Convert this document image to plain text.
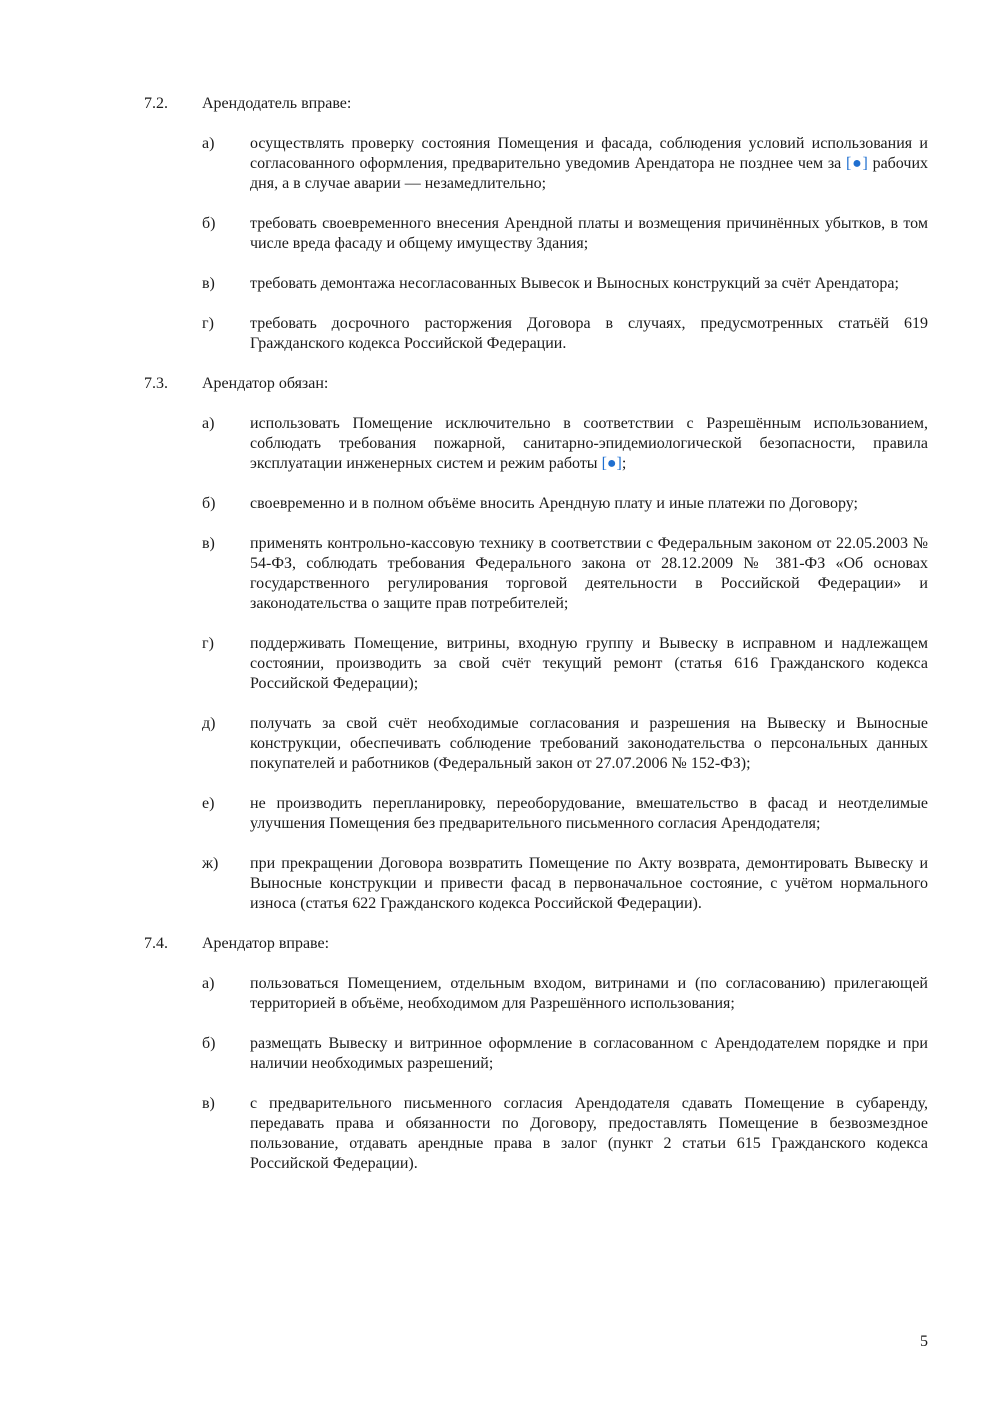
7.2.	Арендодатель вправе:
а)	осуществлять проверку состояния Помещения и фасада, соблюдения условий использования и согласованного оформления, предварительно уведомив Арендатора не позднее чем за [●] рабочих дня, а в случае аварии — незамедлительно;
б)	требовать своевременного внесения Арендной платы и возмещения причинённых убытков, в том числе вреда фасаду и общему имуществу Здания;
в)	требовать демонтажа несогласованных Вывесок и Выносных конструкций за счёт Арендатора;
г)	требовать досрочного расторжения Договора в случаях, предусмотренных статьёй 619 Гражданского кодекса Российской Федерации.
7.3.	Арендатор обязан:
а)	использовать Помещение исключительно в соответствии с Разрешённым использованием, соблюдать требования пожарной, санитарно-эпидемиологической безопасности, правила эксплуатации инженерных систем и режим работы [●];
б)	своевременно и в полном объёме вносить Арендную плату и иные платежи по Договору;
в)	применять контрольно-кассовую технику в соответствии с Федеральным законом от 22.05.2003 № 54-ФЗ, соблюдать требования Федерального закона от 28.12.2009 № 381-ФЗ «Об основах государственного регулирования торговой деятельности в Российской Федерации» и законодательства о защите прав потребителей;
г)	поддерживать Помещение, витрины, входную группу и Вывеску в исправном и надлежащем состоянии, производить за свой счёт текущий ремонт (статья 616 Гражданского кодекса Российской Федерации);
д)	получать за свой счёт необходимые согласования и разрешения на Вывеску и Выносные конструкции, обеспечивать соблюдение требований законодательства о персональных данных покупателей и работников (Федеральный закон от 27.07.2006 № 152-ФЗ);
е)	не производить перепланировку, переоборудование, вмешательство в фасад и неотделимые улучшения Помещения без предварительного письменного согласия Арендодателя;
ж)	при прекращении Договора возвратить Помещение по Акту возврата, демонтировать Вывеску и Выносные конструкции и привести фасад в первоначальное состояние, с учётом нормального износа (статья 622 Гражданского кодекса Российской Федерации).
7.4.	Арендатор вправе:
а)	пользоваться Помещением, отдельным входом, витринами и (по согласованию) прилегающей территорией в объёме, необходимом для Разрешённого использования;
б)	размещать Вывеску и витринное оформление в согласованном с Арендодателем порядке и при наличии необходимых разрешений;
в)	с предварительного письменного согласия Арендодателя сдавать Помещение в субаренду, передавать права и обязанности по Договору, предоставлять Помещение в безвозмездное пользование, отдавать арендные права в залог (пункт 2 статьи 615 Гражданского кодекса Российской Федерации).
5
